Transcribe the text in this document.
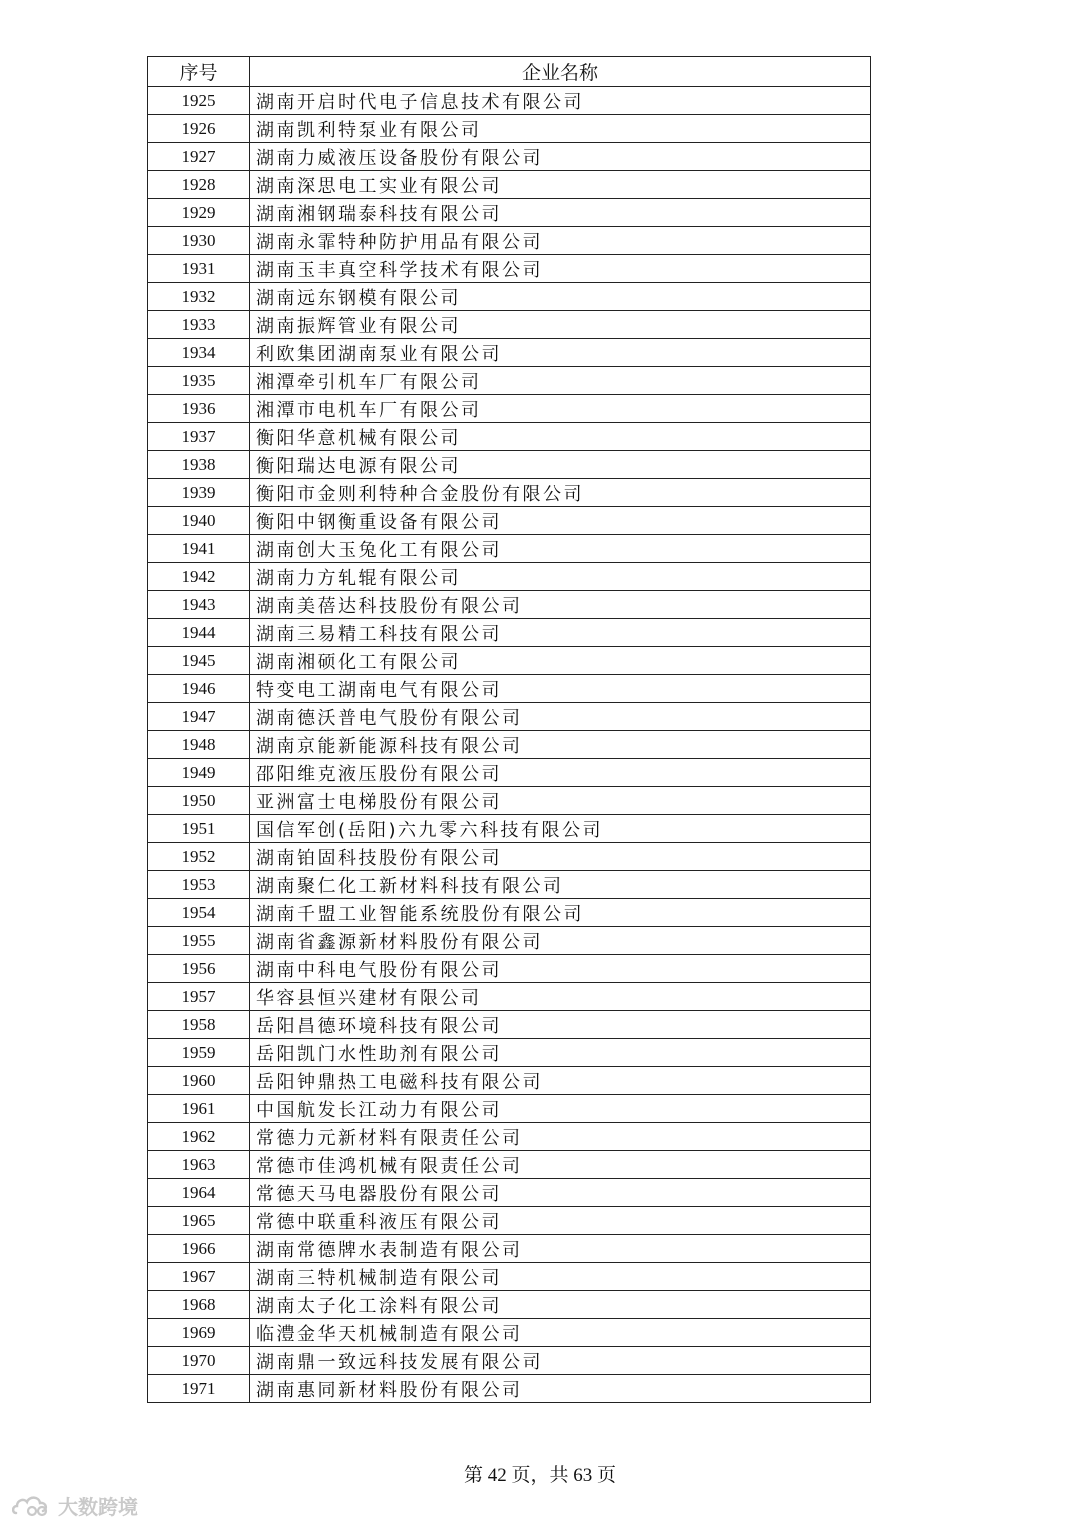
序号	企业名称
1925	湖南开启时代电子信息技术有限公司
1926	湖南凯利特泵业有限公司
1927	湖南力威液压设备股份有限公司
1928	湖南深思电工实业有限公司
1929	湖南湘钢瑞泰科技有限公司
1930	湖南永霏特种防护用品有限公司
1931	湖南玉丰真空科学技术有限公司
1932	湖南远东钢模有限公司
1933	湖南振辉管业有限公司
1934	利欧集团湖南泵业有限公司
1935	湘潭牵引机车厂有限公司
1936	湘潭市电机车厂有限公司
1937	衡阳华意机械有限公司
1938	衡阳瑞达电源有限公司
1939	衡阳市金则利特种合金股份有限公司
1940	衡阳中钢衡重设备有限公司
1941	湖南创大玉兔化工有限公司
1942	湖南力方轧辊有限公司
1943	湖南美蓓达科技股份有限公司
1944	湖南三易精工科技有限公司
1945	湖南湘硕化工有限公司
1946	特变电工湖南电气有限公司
1947	湖南德沃普电气股份有限公司
1948	湖南京能新能源科技有限公司
1949	邵阳维克液压股份有限公司
1950	亚洲富士电梯股份有限公司
1951	国信军创(岳阳)六九零六科技有限公司
1952	湖南铂固科技股份有限公司
1953	湖南聚仁化工新材料科技有限公司
1954	湖南千盟工业智能系统股份有限公司
1955	湖南省鑫源新材料股份有限公司
1956	湖南中科电气股份有限公司
1957	华容县恒兴建材有限公司
1958	岳阳昌德环境科技有限公司
1959	岳阳凯门水性助剂有限公司
1960	岳阳钟鼎热工电磁科技有限公司
1961	中国航发长江动力有限公司
1962	常德力元新材料有限责任公司
1963	常德市佳鸿机械有限责任公司
1964	常德天马电器股份有限公司
1965	常德中联重科液压有限公司
1966	湖南常德牌水表制造有限公司
1967	湖南三特机械制造有限公司
1968	湖南太子化工涂料有限公司
1969	临澧金华天机械制造有限公司
1970	湖南鼎一致远科技发展有限公司
1971	湖南惠同新材料股份有限公司
第 42 页，共 63 页
大数跨境
